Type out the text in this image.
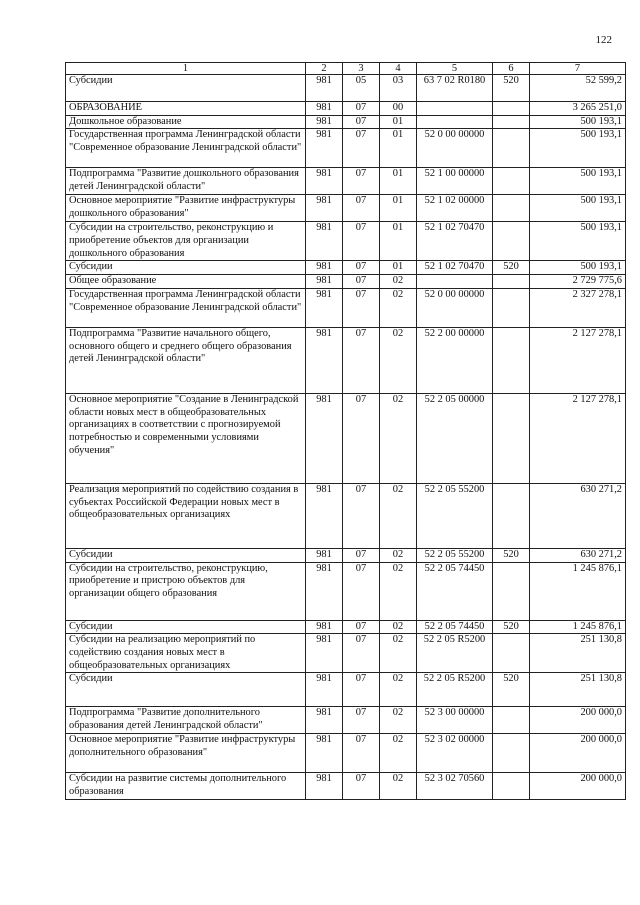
122
1	2	3	4	5	6	7
Субсидии	981	05	03	63 7 02 R0180	520	52 599,2
ОБРАЗОВАНИЕ	981	07	00			3 265 251,0
Дошкольное образование	981	07	01			500 193,1
Государственная программа Ленинградской области "Современное образование Ленинградской области"	981	07	01	52 0 00 00000		500 193,1
Подпрограмма "Развитие дошкольного образования детей Ленинградской области"	981	07	01	52 1 00 00000		500 193,1
Основное мероприятие "Развитие инфраструктуры дошкольного образования"	981	07	01	52 1 02 00000		500 193,1
Субсидии на строительство, реконструкцию и приобретение объектов для организации дошкольного образования	981	07	01	52 1 02 70470		500 193,1
Субсидии	981	07	01	52 1 02 70470	520	500 193,1
Общее образование	981	07	02			2 729 775,6
Государственная программа Ленинградской области "Современное образование Ленинградской области"	981	07	02	52 0 00 00000		2 327 278,1
Подпрограмма "Развитие начального общего, основного общего и среднего общего образования детей Ленинградской области"	981	07	02	52 2 00 00000		2 127 278,1
Основное мероприятие "Создание в Ленинградской области новых мест в общеобразовательных организациях в соответствии с прогнозируемой потребностью и современными условиями обучения"	981	07	02	52 2 05 00000		2 127 278,1
Реализация мероприятий по содействию создания в субъектах Российской Федерации новых мест в общеобразовательных организациях	981	07	02	52 2 05 55200		630 271,2
Субсидии	981	07	02	52 2 05 55200	520	630 271,2
Субсидии на строительство, реконструкцию, приобретение и пристрою объектов для организации общего образования	981	07	02	52 2 05 74450		1 245 876,1
Субсидии	981	07	02	52 2 05 74450	520	1 245 876,1
Субсидии на реализацию мероприятий по содействию создания новых мест в общеобразовательных организациях	981	07	02	52 2 05 R5200		251 130,8
Субсидии	981	07	02	52 2 05 R5200	520	251 130,8
Подпрограмма "Развитие дополнительного образования детей Ленинградской области"	981	07	02	52 3 00 00000		200 000,0
Основное мероприятие "Развитие инфраструктуры дополнительного образования"	981	07	02	52 3 02 00000		200 000,0
Субсидии на развитие системы дополнительного образования	981	07	02	52 3 02 70560		200 000,0
